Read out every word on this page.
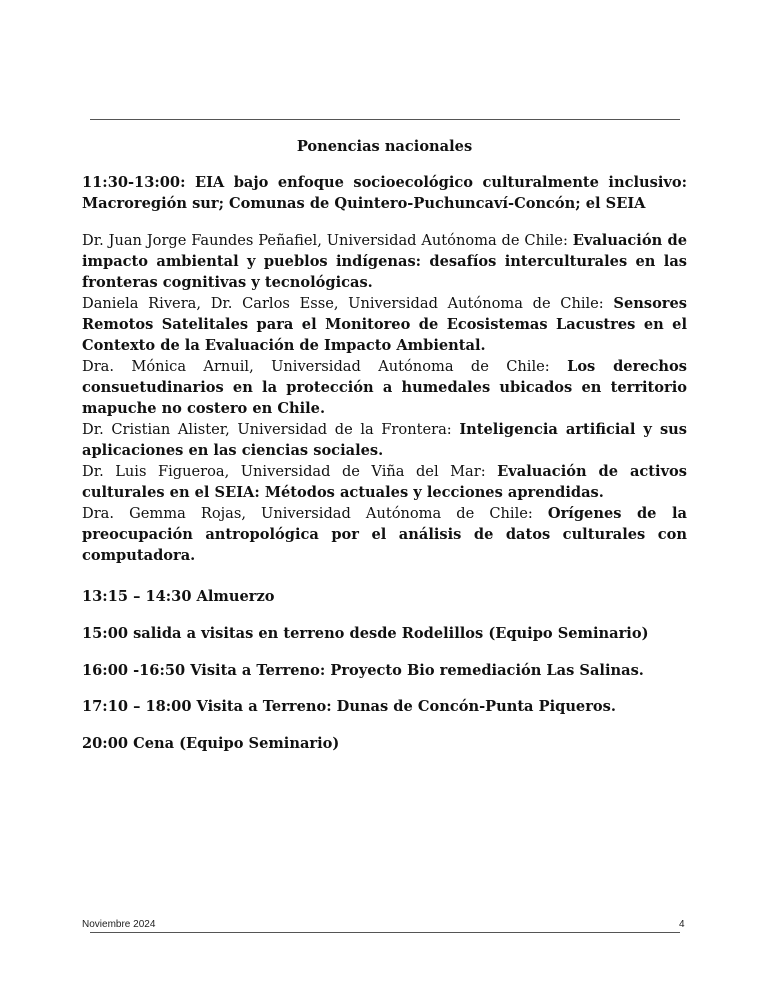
Ponencias nacionales

11:30-13:00: EIA bajo enfoque socioecológico culturalmente inclusivo: Macroregión sur; Comunas de Quintero-Puchuncaví-Concón; el SEIA

Dr. Juan Jorge Faundes Peñafiel, Universidad Autónoma de Chile: Evaluación de impacto ambiental y pueblos indígenas: desafíos interculturales en las fronteras cognitivas y tecnológicas.

Daniela Rivera, Dr. Carlos Esse, Universidad Autónoma de Chile: Sensores Remotos Satelitales para el Monitoreo de Ecosistemas Lacustres en el Contexto de la Evaluación de Impacto Ambiental.

Dra. Mónica Arnuil, Universidad Autónoma de Chile: Los derechos consuetudinarios en la protección a humedales ubicados en territorio mapuche no costero en Chile.

Dr. Cristian Alister, Universidad de la Frontera: Inteligencia artificial y sus aplicaciones en las ciencias sociales.

Dr. Luis Figueroa, Universidad de Viña del Mar: Evaluación de activos culturales en el SEIA: Métodos actuales y lecciones aprendidas.

Dra. Gemma Rojas, Universidad Autónoma de Chile: Orígenes de la preocupación antropológica por el análisis de datos culturales con computadora.

13:15 – 14:30 Almuerzo

15:00 salida a visitas en terreno desde Rodelillos (Equipo Seminario)

16:00 -16:50 Visita a Terreno: Proyecto Bio remediación Las Salinas.

17:10 – 18:00 Visita a Terreno: Dunas de Concón-Punta Piqueros.

20:00 Cena (Equipo Seminario)

Noviembre 2024	4
